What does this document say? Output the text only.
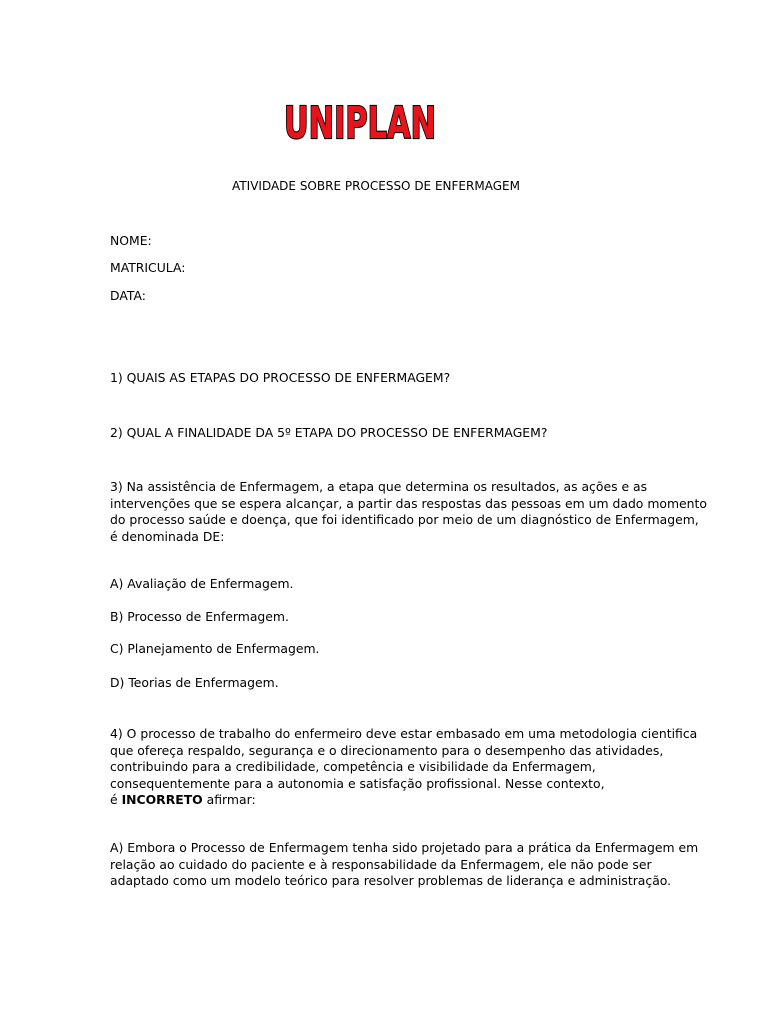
UNIPLAN
ATIVIDADE SOBRE PROCESSO DE ENFERMAGEM
NOME:
MATRICULA:
DATA:
1) QUAIS AS ETAPAS DO PROCESSO DE ENFERMAGEM?
2) QUAL A FINALIDADE DA 5º ETAPA DO PROCESSO DE ENFERMAGEM?
3) Na assistência de Enfermagem, a etapa que determina os resultados, as ações e as
intervenções que se espera alcançar, a partir das respostas das pessoas em um dado momento
do processo saúde e doença, que foi identificado por meio de um diagnóstico de Enfermagem,
é denominada DE:
A) Avaliação de Enfermagem.
B) Processo de Enfermagem.
C) Planejamento de Enfermagem.
D) Teorias de Enfermagem.
4) O processo de trabalho do enfermeiro deve estar embasado em uma metodologia cientifica
que ofereça respaldo, segurança e o direcionamento para o desempenho das atividades,
contribuindo para a credibilidade, competência e visibilidade da Enfermagem,
consequentemente para a autonomia e satisfação profissional. Nesse contexto,
é INCORRETO afirmar:
A) Embora o Processo de Enfermagem tenha sido projetado para a prática da Enfermagem em
relação ao cuidado do paciente e à responsabilidade da Enfermagem, ele não pode ser
adaptado como um modelo teórico para resolver problemas de liderança e administração.
